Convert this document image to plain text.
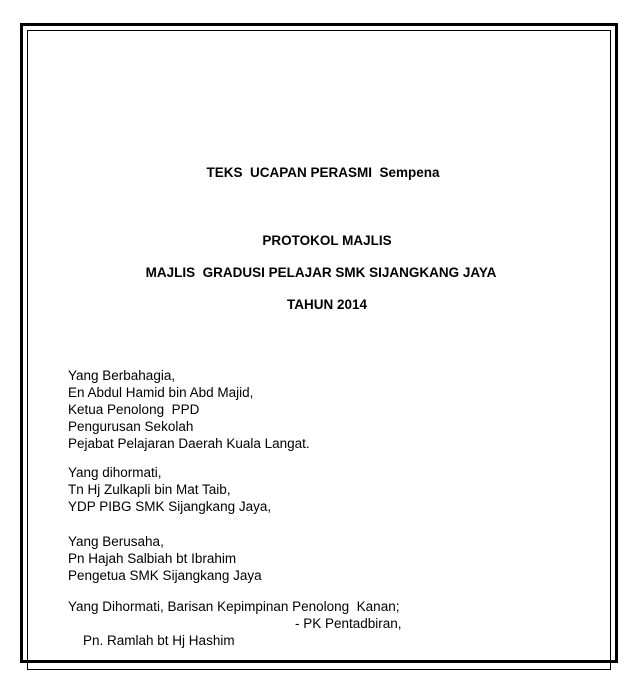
TEKS  UCAPAN PERASMI  Sempena
PROTOKOL MAJLIS
MAJLIS  GRADUSI PELAJAR SMK SIJANGKANG JAYA
TAHUN 2014
Yang Berbahagia,
En Abdul Hamid bin Abd Majid,
Ketua Penolong  PPD
Pengurusan Sekolah
Pejabat Pelajaran Daerah Kuala Langat.
Yang dihormati,
Tn Hj Zulkapli bin Mat Taib,
YDP PIBG SMK Sijangkang Jaya,
Yang Berusaha,
Pn Hajah Salbiah bt Ibrahim
Pengetua SMK Sijangkang Jaya
Yang Dihormati, Barisan Kepimpinan Penolong  Kanan;

Pn. Ramlah bt Hj Hashim

- PK Pentadbiran,
